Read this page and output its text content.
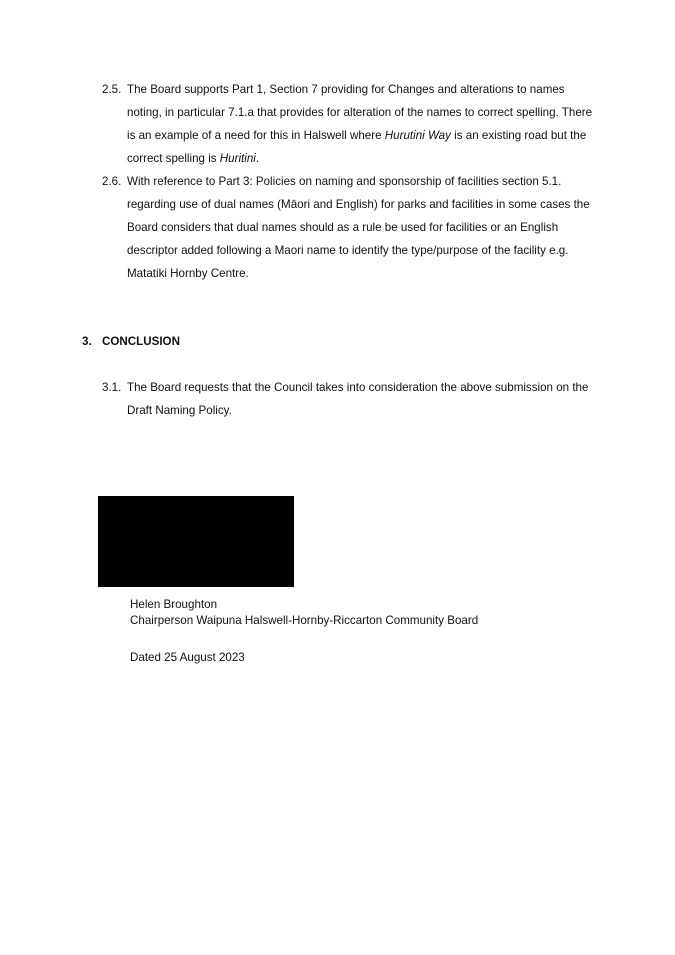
2.5. The Board supports Part 1, Section 7 providing for Changes and alterations to names noting, in particular 7.1.a that provides for alteration of the names to correct spelling. There is an example of a need for this in Halswell where Hurutini Way is an existing road but the correct spelling is Huritini.
2.6. With reference to Part 3: Policies on naming and sponsorship of facilities section 5.1. regarding use of dual names (Māori and English) for parks and facilities in some cases the Board considers that dual names should as a rule be used for facilities or an English descriptor added following a Maori name to identify the type/purpose of the facility e.g. Matatiki Hornby Centre.
3. CONCLUSION
3.1. The Board requests that the Council takes into consideration the above submission on the Draft Naming Policy.
Helen Broughton
Chairperson Waipuna Halswell-Hornby-Riccarton Community Board
Dated 25 August 2023
